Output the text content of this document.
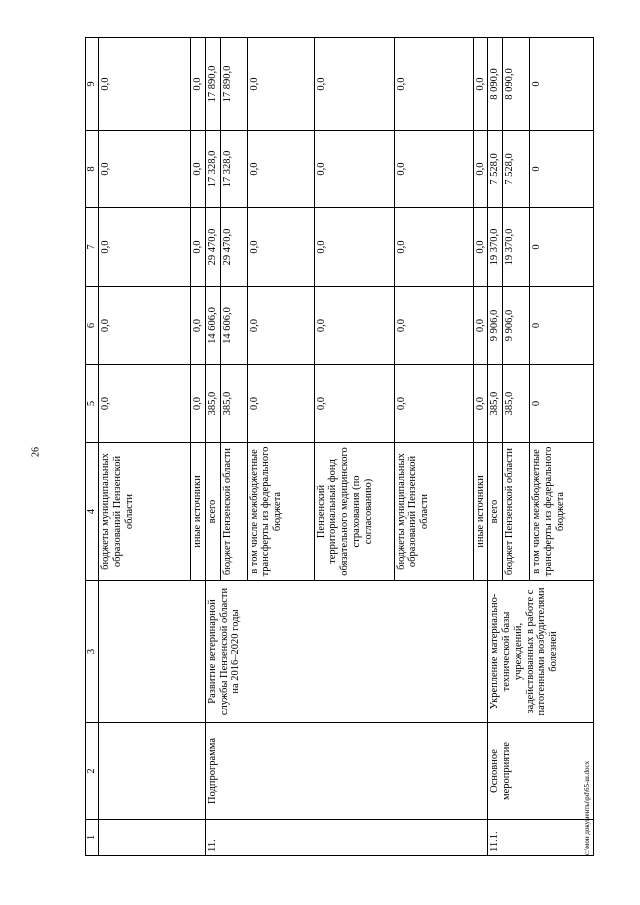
26
1	2	3	4	5	6	7	8	9
			бюджеты муниципальных образований Пензенской области	0,0	0,0	0,0	0,0	0,0
			иные источники	0,0	0,0	0,0	0,0	0,0
11.	Подпрограмма	Развитие ветеринарной службы Пензенской области на 2016–2020 годы	всего	385,0	14 606,0	29 470,0	17 328,0	17 890,0
			бюджет Пензенской области	385,0	14 606,0	29 470,0	17 328,0	17 890,0
			в том числе межбюджетные трансферты из федерального бюджета	0,0	0,0	0,0	0,0	0,0
			Пензенский территориальный фонд обязательного медицинского страхования (по согласованию)	0,0	0,0	0,0	0,0	0,0
			бюджеты муниципальных образований Пензенской области	0,0	0,0	0,0	0,0	0,0
			иные источники	0,0	0,0	0,0	0,0	0,0
11.1.	Основное мероприятие	Укрепление материально-технической базы учреждений, задействованных в работе с патогенными возбудителями болезней	всего	385,0	9 906,0	19 370,0	7 528,0	8 090,0
			бюджет Пензенской области	385,0	9 906,0	19 370,0	7 528,0	8 090,0
			в том числе межбюджетные трансферты из федерального бюджета	0	0	0	0	0
c:\мои документы\pd\65-ш.docx
